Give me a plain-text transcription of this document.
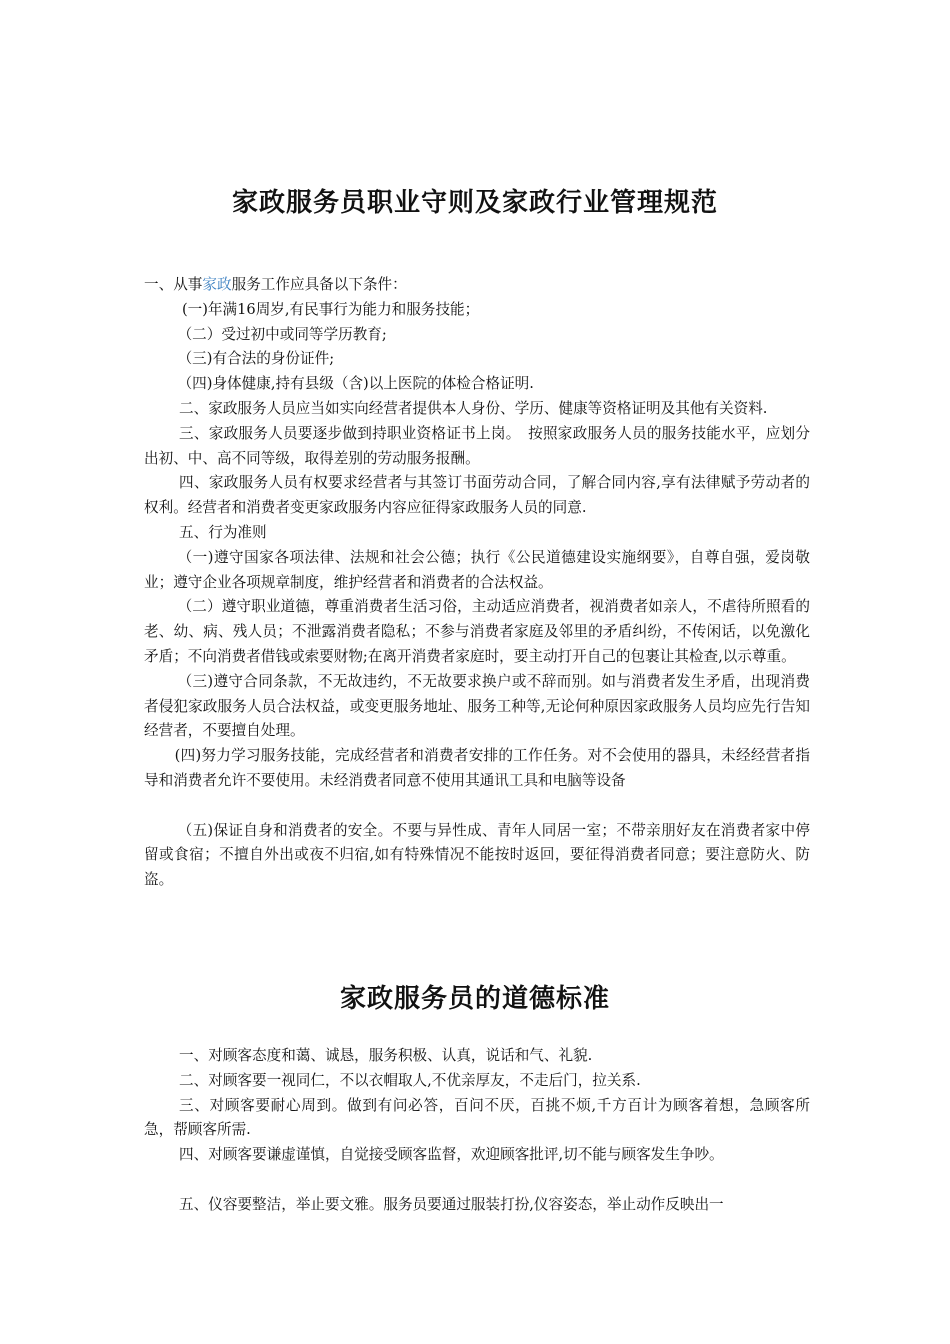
家政服务员职业守则及家政行业管理规范

一、从事家政服务工作应具备以下条件：

(一)年满16周岁,有民事行为能力和服务技能；

（二）受过初中或同等学历教育;

（三)有合法的身份证件;

（四)身体健康,持有县级（含)以上医院的体检合格证明.

二、家政服务人员应当如实向经营者提供本人身份、学历、健康等资格证明及其他有关资料.

三、家政服务人员要逐步做到持职业资格证书上岗。　按照家政服务人员的服务技能水平，应划分出初、中、高不同等级，取得差别的劳动服务报酬。

四、家政服务人员有权要求经营者与其签订书面劳动合同，了解合同内容,享有法律赋予劳动者的权利。经营者和消费者变更家政服务内容应征得家政服务人员的同意.

五、行为准则

（一)遵守国家各项法律、法规和社会公德；执行《公民道德建设实施纲要》，自尊自强，爱岗敬业；遵守企业各项规章制度，维护经营者和消费者的合法权益。

（二）遵守职业道德，尊重消费者生活习俗，主动适应消费者，视消费者如亲人，不虐待所照看的老、幼、病、残人员；不泄露消费者隐私；不参与消费者家庭及邻里的矛盾纠纷，不传闲话，以免激化矛盾；不向消费者借钱或索要财物;在离开消费者家庭时，要主动打开自己的包裹让其检查,以示尊重。

（三)遵守合同条款，不无故违约，不无故要求换户或不辞而别。如与消费者发生矛盾，出现消费者侵犯家政服务人员合法权益，或变更服务地址、服务工种等,无论何种原因家政服务人员均应先行告知经营者，不要擅自处理。

(四)努力学习服务技能，完成经营者和消费者安排的工作任务。对不会使用的器具，未经经营者指导和消费者允许不要使用。未经消费者同意不使用其通讯工具和电脑等设备

（五)保证自身和消费者的安全。不要与异性成、青年人同居一室；不带亲朋好友在消费者家中停留或食宿；不擅自外出或夜不归宿,如有特殊情况不能按时返回，要征得消费者同意；要注意防火、防盗。

家政服务员的道德标准

一、对顾客态度和蔼、诚恳，服务积极、认真，说话和气、礼貌.

二、对顾客要一视同仁，不以衣帽取人,不优亲厚友，不走后门，拉关系.

三、对顾客要耐心周到。做到有问必答，百问不厌，百挑不烦,千方百计为顾客着想，急顾客所急，帮顾客所需.

四、对顾客要谦虚谨慎，自觉接受顾客监督，欢迎顾客批评,切不能与顾客发生争吵。

五、仪容要整洁，举止要文雅。服务员要通过服装打扮,仪容姿态，举止动作反映出一
